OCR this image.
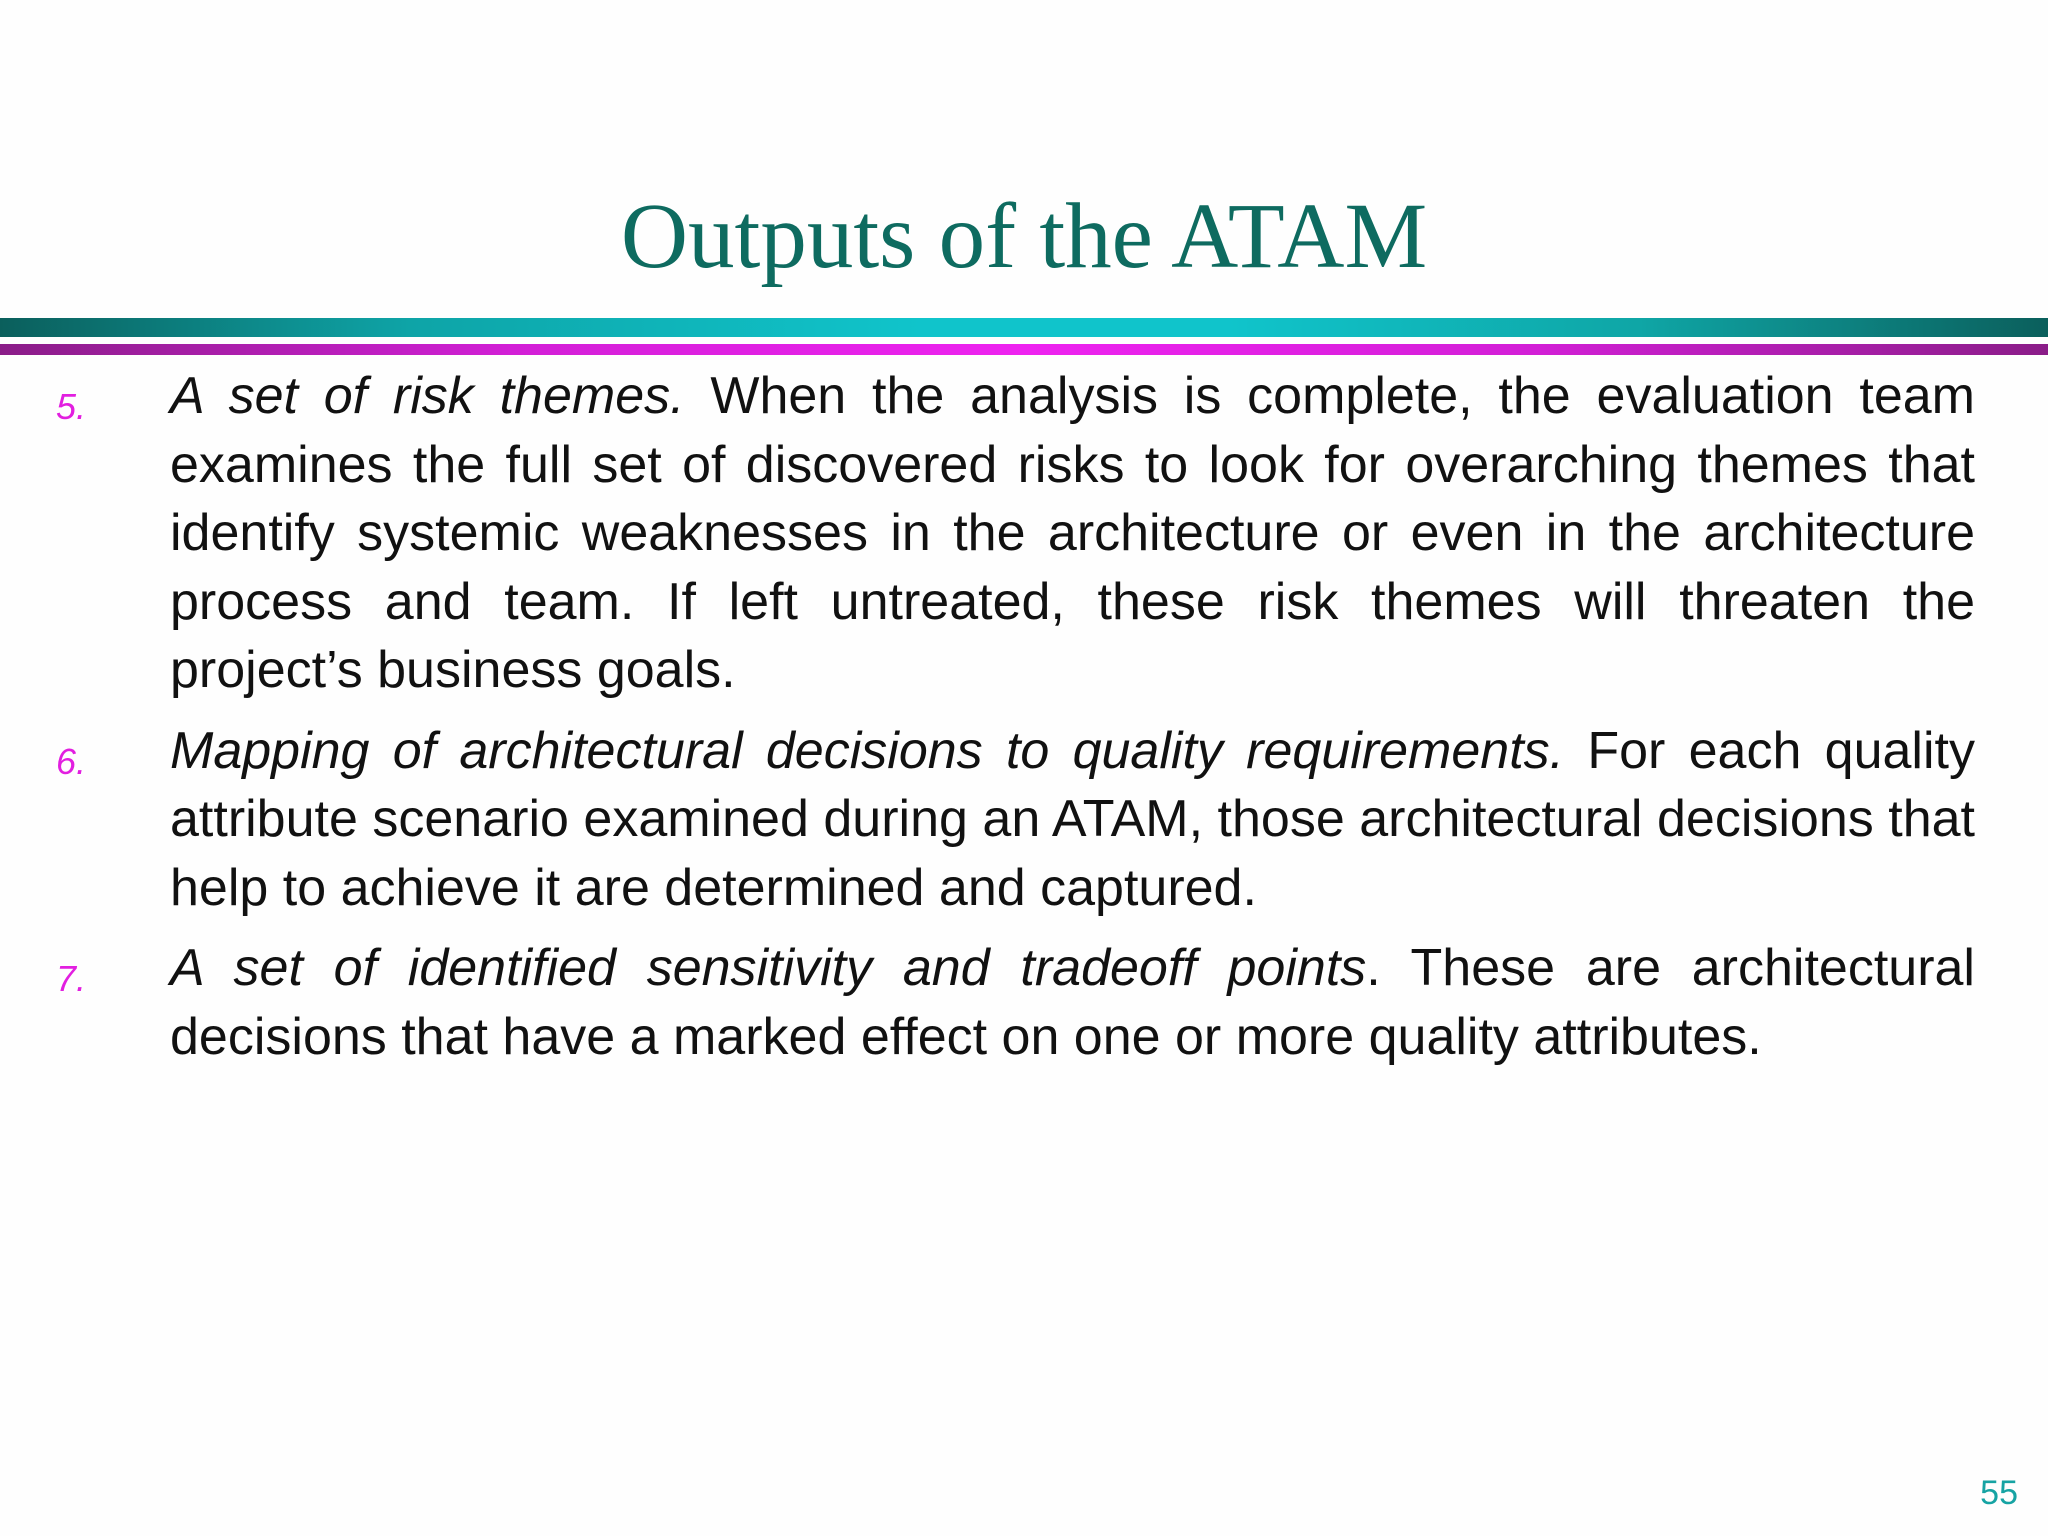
Outputs of the ATAM
5. A set of risk themes. When the analysis is complete, the evaluation team examines the full set of discovered risks to look for overarching themes that identify systemic weaknesses in the architecture or even in the architecture process and team. If left untreated, these risk themes will threaten the project’s business goals.
6. Mapping of architectural decisions to quality requirements. For each quality attribute scenario examined during an ATAM, those architectural decisions that help to achieve it are determined and captured.
7. A set of identified sensitivity and tradeoff points. These are architectural decisions that have a marked effect on one or more quality attributes.
55
